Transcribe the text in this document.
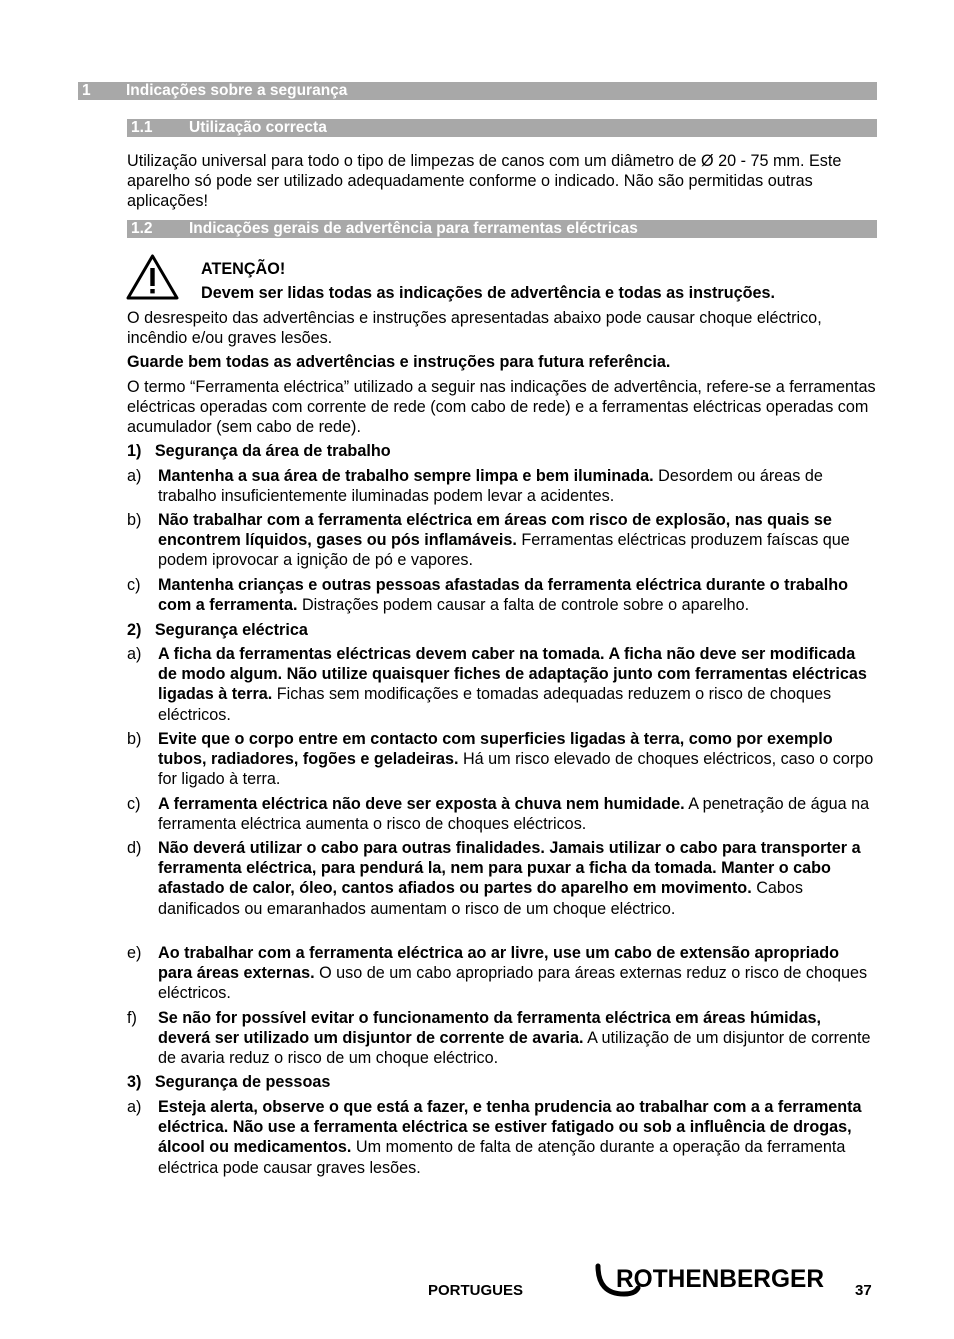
1 Indicações sobre a segurança
1.1 Utilização correcta

Utilização universal para todo o tipo de limpezas de canos com um diâmetro de Ø 20 - 75 mm. Este aparelho só pode ser utilizado adequadamente conforme o indicado. Não são permitidas outras aplicações!

1.2 Indicações gerais de advertência para ferramentas eléctricas
ATENÇÃO!
Devem ser lidas todas as indicações de advertência e todas as instruções.

O desrespeito das advertências e instruções apresentadas abaixo pode causar choque eléctrico, incêndio e/ou graves lesões.

Guarde bem todas as advertências e instruções para futura referência.

O termo “Ferramenta eléctrica” utilizado a seguir nas indicações de advertência, refere-se a ferramentas eléctricas operadas com corrente de rede (com cabo de rede) e a ferramentas eléctricas operadas com acumulador (sem cabo de rede).

1)   Segurança da área de trabalho
a) Mantenha a sua área de trabalho sempre limpa e bem iluminada. Desordem ou áreas de trabalho insuficientemente iluminadas podem levar a acidentes.
b) Não trabalhar com a ferramenta eléctrica em áreas com risco de explosão, nas quais se encontrem líquidos, gases ou pós inflamáveis. Ferramentas eléctricas produzem faíscas que podem iprovocar a ignição de pó e vapores.
c) Mantenha crianças e outras pessoas afastadas da ferramenta eléctrica durante o trabalho com a ferramenta. Distrações podem causar a falta de controle sobre o aparelho.
2)   Segurança eléctrica
a) A ficha da ferramentas eléctricas devem caber na tomada. A ficha não deve ser modificada de modo algum. Não utilize quaisquer fiches de adaptação junto com ferramentas eléctricas ligadas à terra. Fichas sem modificações e tomadas adequadas reduzem o risco de choques eléctricos.
b) Evite que o corpo entre em contacto com superficies ligadas à terra, como por exemplo tubos, radiadores, fogões e geladeiras. Há um risco elevado de choques eléctricos, caso o corpo for ligado à terra.
c) A ferramenta eléctrica não deve ser exposta à chuva nem humidade. A penetração de água na ferramenta eléctrica aumenta o risco de choques eléctricos.
d) Não deverá utilizar o cabo para outras finalidades. Jamais utilizar o cabo para transporter a ferramenta eléctrica, para pendurá la, nem para puxar a ficha da tomada. Manter o cabo afastado de calor, óleo, cantos afiados ou partes do aparelho em movimento. Cabos danificados ou emaranhados aumentam o risco de um choque eléctrico.
e) Ao trabalhar com a ferramenta eléctrica ao ar livre, use um cabo de extensão apropriado para áreas externas. O uso de um cabo apropriado para áreas externas reduz o risco de choques eléctricos.
f) Se não for possível evitar o funcionamento da ferramenta eléctrica em áreas húmidas, deverá ser utilizado um disjuntor de corrente de avaria. A utilização de um disjuntor de corrente de avaria reduz o risco de um choque eléctrico.
3)   Segurança de pessoas
a) Esteja alerta, observe o que está a fazer, e tenha prudencia ao trabalhar com a a ferramenta eléctrica. Não use a ferramenta eléctrica se estiver fatigado ou sob a influência de drogas, álcool ou medicamentos. Um momento de falta de atenção durante a operação da ferramenta eléctrica pode causar graves lesões.
PORTUGUES	ROTHENBERGER 37
